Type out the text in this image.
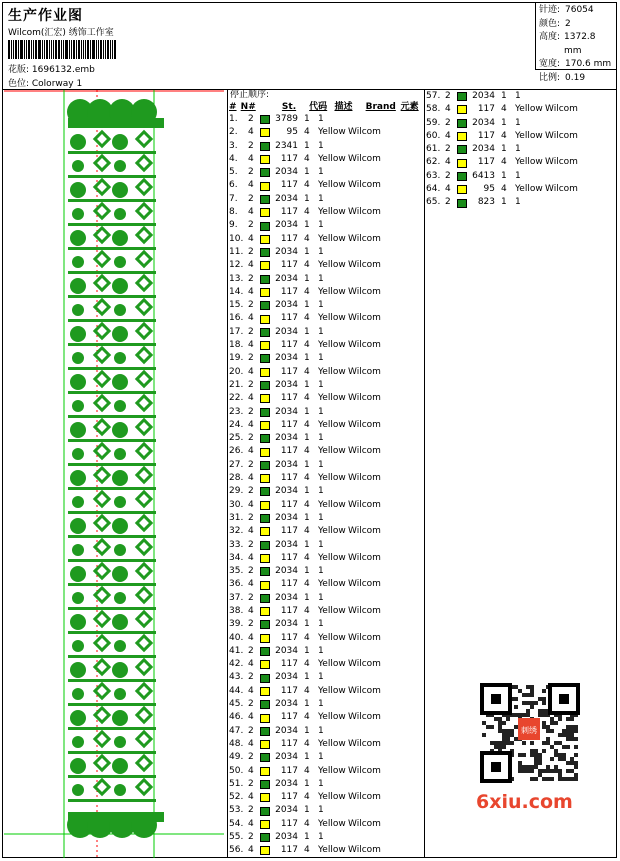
生产作业图
Wilcom(汇宏) 绣饰工作室
花版: 1696132.emb
色位: Colorway 1
针迹: 76054
颜色: 2
高度: 1372.8 mm
宽度: 170.6 mm
比例: 0.19
停止顺序:
# N#	St.	代码 描述	Brand 元素
1.	2	3789 1 1
2.	4	95 4 Yellow Wilcom
3.	2	2341 1 1
4.	4	117 4 Yellow Wilcom
5.	2	2034 1 1
6.	4	117 4 Yellow Wilcom
7.	2	2034 1 1
8.	4	117 4 Yellow Wilcom
9.	2	2034 1 1
10. 4	117 4 Yellow Wilcom
11. 2	2034 1 1
12. 4	117 4 Yellow Wilcom
13. 2	2034 1 1
14. 4	117 4 Yellow Wilcom
15. 2	2034 1 1
16. 4	117 4 Yellow Wilcom
17. 2	2034 1 1
18. 4	117 4 Yellow Wilcom
19. 2	2034 1 1
20. 4	117 4 Yellow Wilcom
21. 2	2034 1 1
22. 4	117 4 Yellow Wilcom
23. 2	2034 1 1
24. 4	117 4 Yellow Wilcom
25. 2	2034 1 1
26. 4	117 4 Yellow Wilcom
27. 2	2034 1 1
28. 4	117 4 Yellow Wilcom
29. 2	2034 1 1
30. 4	117 4 Yellow Wilcom
31. 2	2034 1 1
32. 4	117 4 Yellow Wilcom
33. 2	2034 1 1
34. 4	117 4 Yellow Wilcom
35. 2	2034 1 1
36. 4	117 4 Yellow Wilcom
37. 2	2034 1 1
38. 4	117 4 Yellow Wilcom
39. 2	2034 1 1
40. 4	117 4 Yellow Wilcom
41. 2	2034 1 1
42. 4	117 4 Yellow Wilcom
43. 2	2034 1 1
44. 4	117 4 Yellow Wilcom
45. 2	2034 1 1
46. 4	117 4 Yellow Wilcom
47. 2	2034 1 1
48. 4	117 4 Yellow Wilcom
49. 2	2034 1 1
50. 4	117 4 Yellow Wilcom
51. 2	2034 1 1
52. 4	117 4 Yellow Wilcom
53. 2	2034 1 1
54. 4	117 4 Yellow Wilcom
55. 2	2034 1 1
56. 4	117 4 Yellow Wilcom
57. 2	2034 1 1
58. 4	117 4 Yellow Wilcom
59. 2	2034 1 1
60. 4	117 4 Yellow Wilcom
61. 2	2034 1 1
62. 4	117 4 Yellow Wilcom
63. 2	6413 1 1
64. 4	95 4 Yellow Wilcom
65. 2	823 1 1
刺绣
6xiu.com
